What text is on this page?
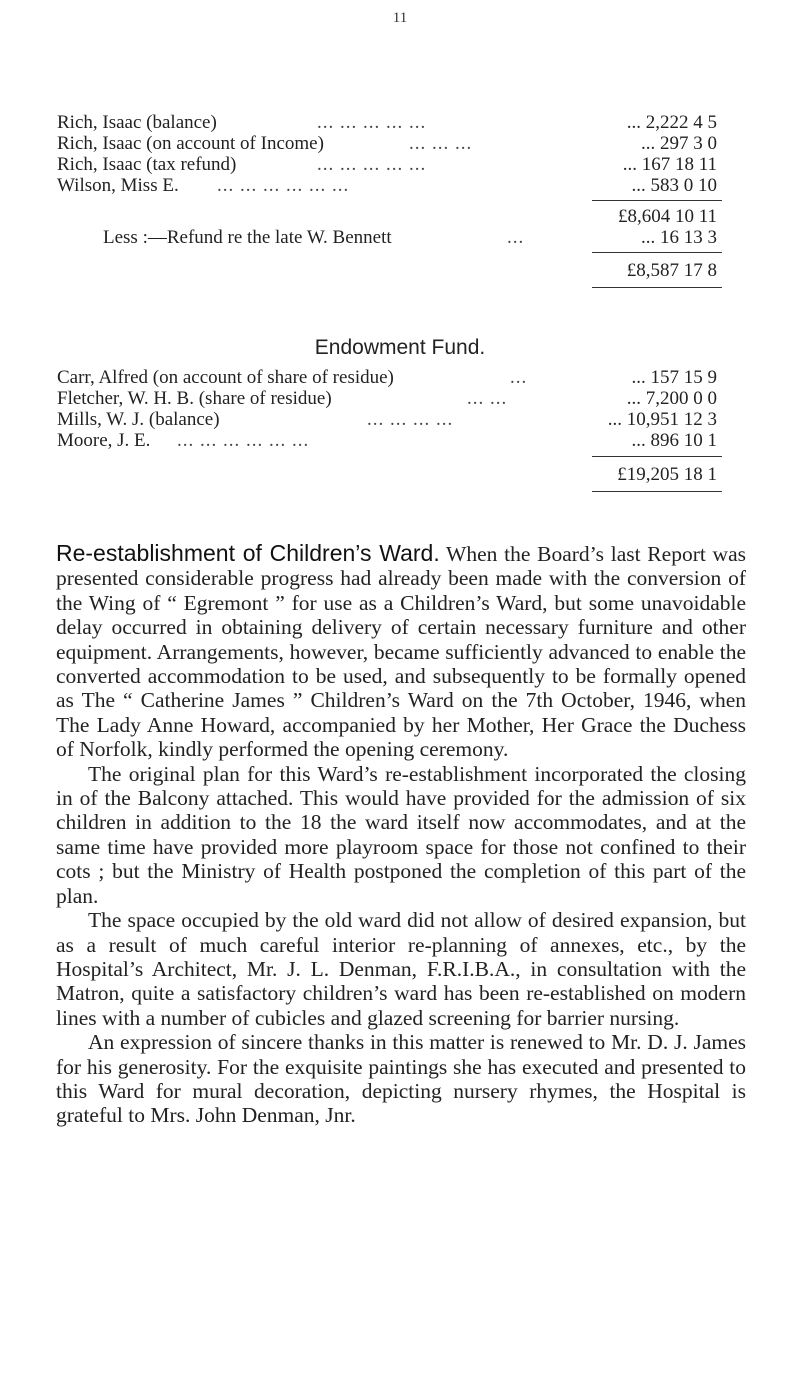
11
Rich, Isaac (balance)	... ... ... ... ...	... 2,222 4 5
Rich, Isaac (on account of Income)	... ... ...	... 297 3 0
Rich, Isaac (tax refund)	... ... ... ... ...	... 167 18 11
Wilson, Miss E. ... ... ... ... ... ...	... 583 0 10
£8,604 10 11
Less :—Refund re the late W. Bennett	...	... 16 13 3
£8,587 17 8
Endowment Fund.
Carr, Alfred (on account of share of residue)	...	... 157 15 9
Fletcher, W. H. B. (share of residue)	... ...	... 7,200 0 0
Mills, W. J. (balance)	... ... ... ...	... 10,951 12 3
Moore, J. E. ... ... ... ... ... ...	... 896 10 1
£19,205 18 1

Re-establishment of Children’s Ward. When the Board’s last Report was presented considerable progress had already been made with the conversion of the Wing of “ Egremont ” for use as a Children’s Ward, but some unavoidable delay occurred in obtaining delivery of certain necessary furniture and other equipment. Arrangements, however, became sufficiently advanced to enable the converted accommodation to be used, and subsequently to be formally opened as The “ Catherine James ” Children’s Ward on the 7th October, 1946, when The Lady Anne Howard, accompanied by her Mother, Her Grace the Duchess of Norfolk, kindly performed the opening ceremony.

The original plan for this Ward’s re-establishment incorporated the closing in of the Balcony attached. This would have provided for the admission of six children in addition to the 18 the ward itself now accommodates, and at the same time have provided more playroom space for those not confined to their cots ; but the Ministry of Health postponed the completion of this part of the plan.

The space occupied by the old ward did not allow of desired expansion, but as a result of much careful interior re-planning of annexes, etc., by the Hospital’s Architect, Mr. J. L. Denman, F.R.I.B.A., in consultation with the Matron, quite a satisfactory children’s ward has been re-established on modern lines with a number of cubicles and glazed screening for barrier nursing.

An expression of sincere thanks in this matter is renewed to Mr. D. J. James for his generosity. For the exquisite paintings she has executed and presented to this Ward for mural decoration, depicting nursery rhymes, the Hospital is grateful to Mrs. John Denman, Jnr.
